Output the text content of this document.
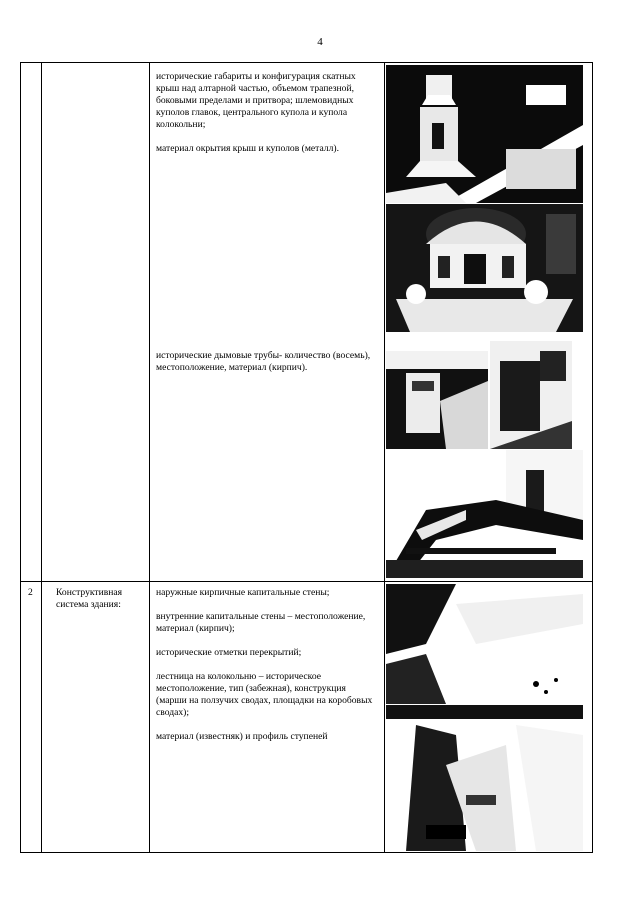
4

исторические габариты и конфигурация скатных крыш над алтарной частью, объемом трапезной, боковыми пределами и притвора; шлемовидных куполов главок, центрального купола и купола колокольни;

материал окрытия крыш и куполов (металл).

исторические дымовые трубы- количество (восемь), местоположение, материал (кирпич).
2 Конструктивная система здания:

наружные кирпичные капитальные стены;

внутренние капитальные стены – местоположение, материал (кирпич);

исторические отметки перекрытий;

лестница на колокольню – историческое местоположение, тип (забежная), конструкция (марши на ползучих сводах, площадки на коробовых сводах);

материал (известняк) и профиль ступеней
